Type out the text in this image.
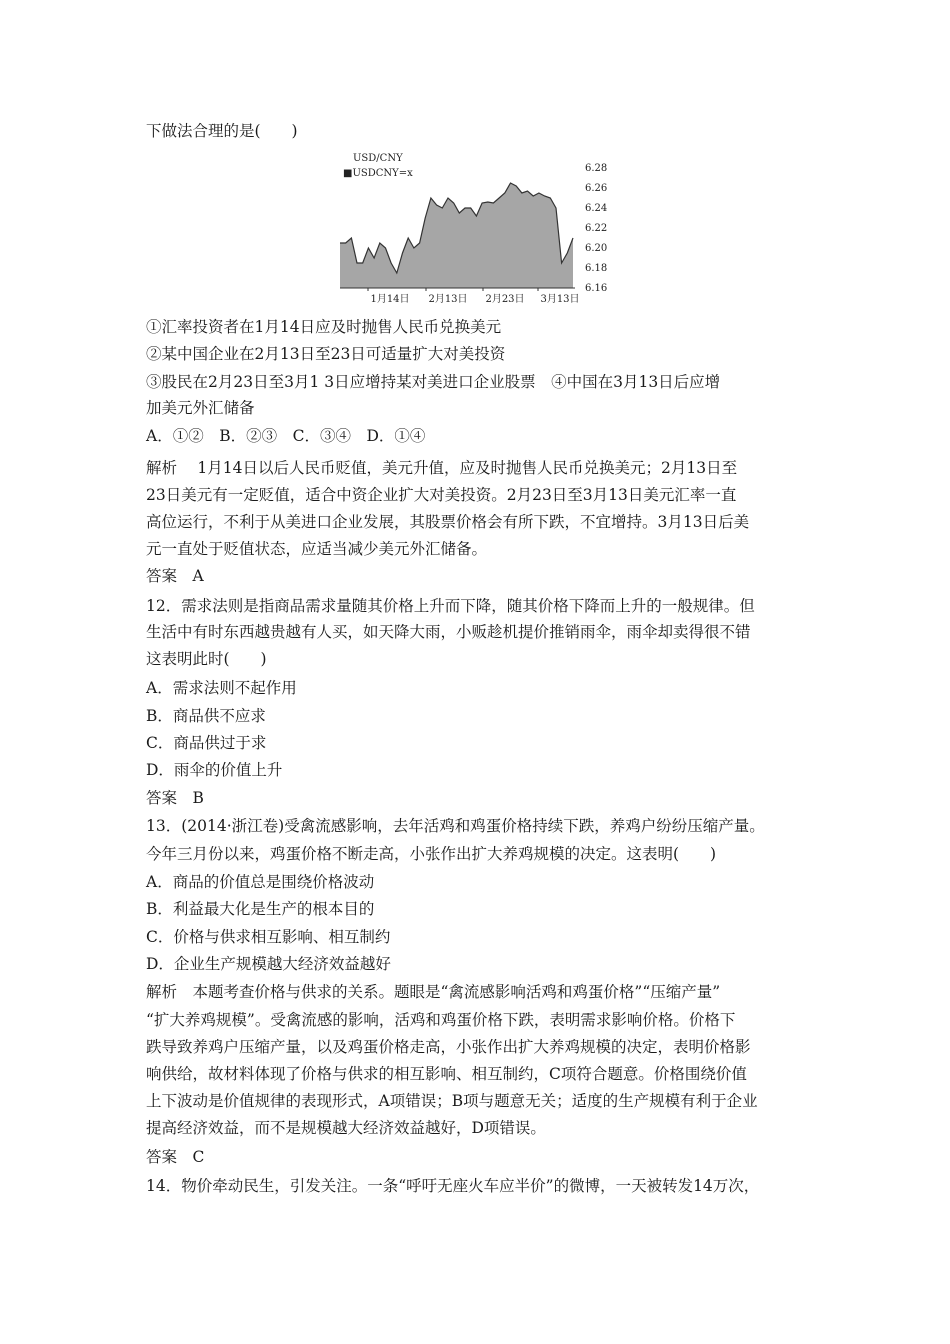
下做法合理的是(　　)
①汇率投资者在1月14日应及时抛售人民币兑换美元
②某中国企业在2月13日至23日可适量扩大对美投资
③股民在2月23日至3月1 3日应增持某对美进口企业股票　④中国在3月13日后应增
加美元外汇储备
A．①②　B．②③　C．③④　D．①④
解析　 1月14日以后人民币贬值，美元升值，应及时抛售人民币兑换美元；2月13日至
23日美元有一定贬值，适合中资企业扩大对美投资。2月23日至3月13日美元汇率一直
高位运行，不利于从美进口企业发展，其股票价格会有所下跌，不宜增持。3月13日后美
元一直处于贬值状态，应适当减少美元外汇储备。
答案　A
12．需求法则是指商品需求量随其价格上升而下降，随其价格下降而上升的一般规律。但
生活中有时东西越贵越有人买，如天降大雨，小贩趁机提价推销雨伞，雨伞却卖得很不错
这表明此时(　　)
A．需求法则不起作用
B．商品供不应求
C．商品供过于求
D．雨伞的价值上升
答案　B
13．(2014·浙江卷)受禽流感影响，去年活鸡和鸡蛋价格持续下跌，养鸡户纷纷压缩产量。
今年三月份以来，鸡蛋价格不断走高，小张作出扩大养鸡规模的决定。这表明(　　)
A．商品的价值总是围绕价格波动
B．利益最大化是生产的根本目的
C．价格与供求相互影响、相互制约
D．企业生产规模越大经济效益越好
解析　本题考查价格与供求的关系。题眼是“禽流感影响活鸡和鸡蛋价格”“压缩产量”
“扩大养鸡规模”。受禽流感的影响，活鸡和鸡蛋价格下跌，表明需求影响价格。价格下
跌导致养鸡户压缩产量，以及鸡蛋价格走高，小张作出扩大养鸡规模的决定，表明价格影
响供给，故材料体现了价格与供求的相互影响、相互制约，C项符合题意。价格围绕价值
上下波动是价值规律的表现形式，A项错误；B项与题意无关；适度的生产规模有利于企业
提高经济效益，而不是规模越大经济效益越好，D项错误。
答案　C
14．物价牵动民生，引发关注。一条“呼吁无座火车应半价”的微博，一天被转发14万次，
USD/CNY
■USDCNY=x	6.28
6.26
6.24
6.22
6.20
6.18
6.16
1月14日 2月13日 2月23日 3月13日
